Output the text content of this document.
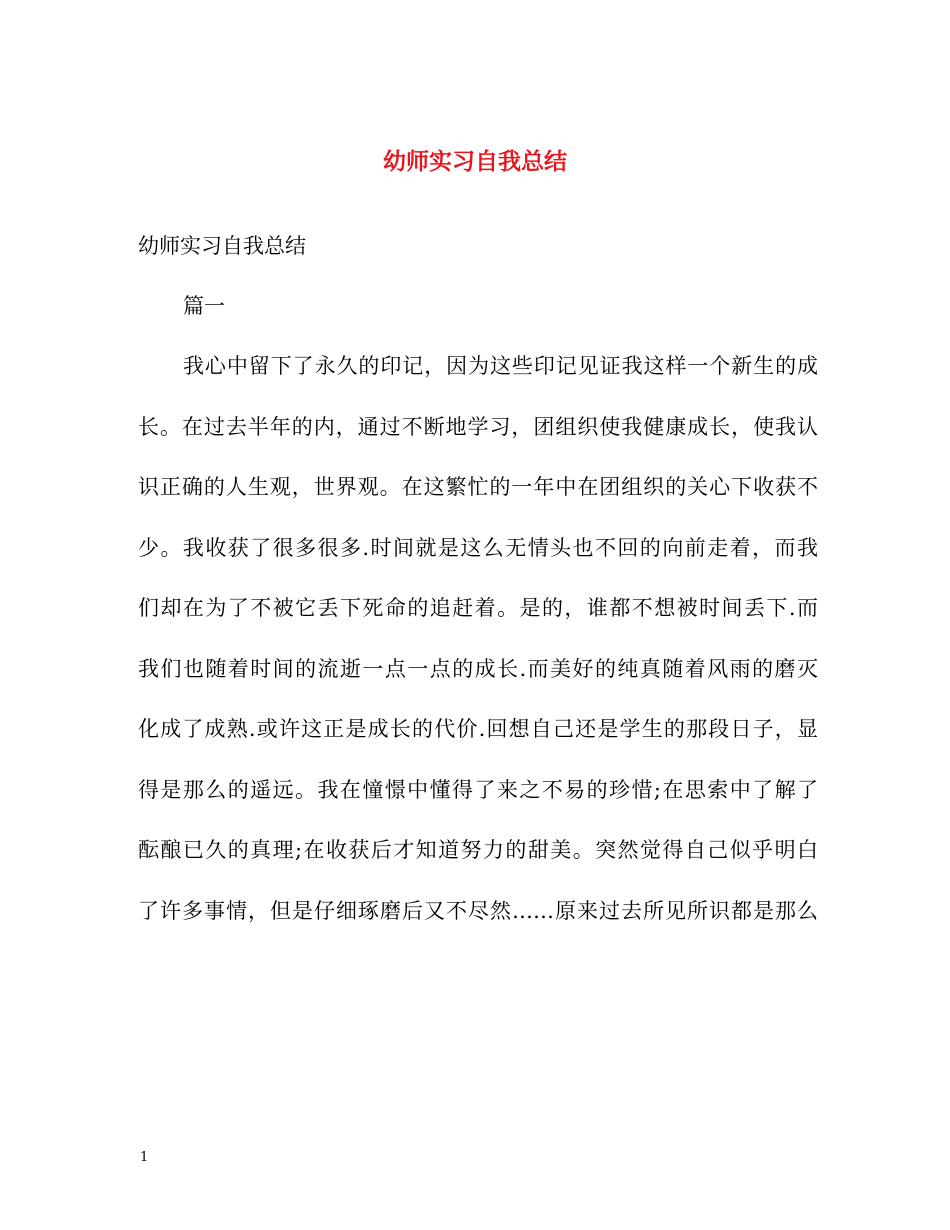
幼师实习自我总结
幼师实习自我总结
篇一
我心中留下了永久的印记，因为这些印记见证我这样一个新生的成
长。在过去半年的内，通过不断地学习，团组织使我健康成长，使我认
识正确的人生观，世界观。在这繁忙的一年中在团组织的关心下收获不
少。我收获了很多很多.时间就是这么无情头也不回的向前走着，而我
们却在为了不被它丢下死命的追赶着。是的，谁都不想被时间丢下.而
我们也随着时间的流逝一点一点的成长.而美好的纯真随着风雨的磨灭
化成了成熟.或许这正是成长的代价.回想自己还是学生的那段日子，显
得是那么的遥远。我在憧憬中懂得了来之不易的珍惜;在思索中了解了
酝酿已久的真理;在收获后才知道努力的甜美。突然觉得自己似乎明白
了许多事情，但是仔细琢磨后又不尽然……原来过去所见所识都是那么
1
